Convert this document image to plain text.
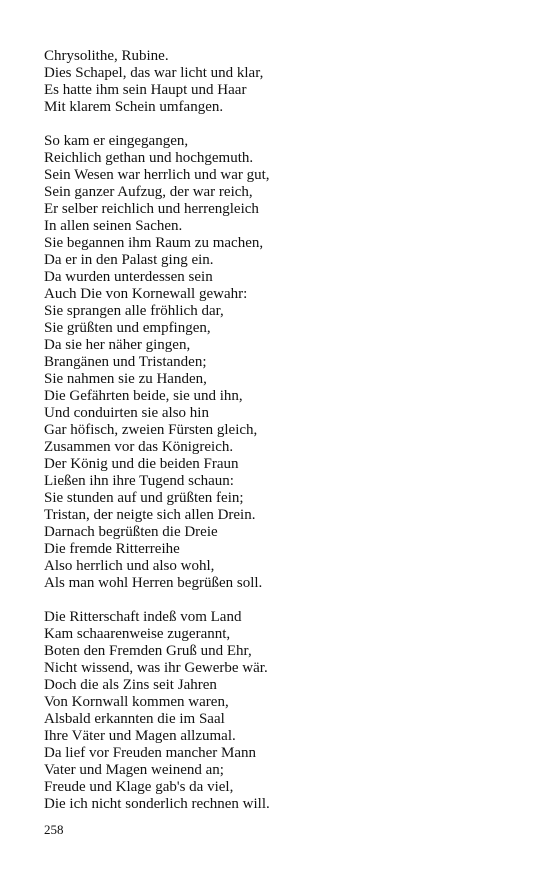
Chrysolithe, Rubine.
Dies Schapel, das war licht und klar,
Es hatte ihm sein Haupt und Haar
Mit klarem Schein umfangen.
So kam er eingegangen,
Reichlich gethan und hochgemuth.
Sein Wesen war herrlich und war gut,
Sein ganzer Aufzug, der war reich,
Er selber reichlich und herrengleich
In allen seinen Sachen.
Sie begannen ihm Raum zu machen,
Da er in den Palast ging ein.
Da wurden unterdessen sein
Auch Die von Kornewall gewahr:
Sie sprangen alle fröhlich dar,
Sie grüßten und empfingen,
Da sie her näher gingen,
Brangänen und Tristanden;
Sie nahmen sie zu Handen,
Die Gefährten beide, sie und ihn,
Und conduirten sie also hin
Gar höfisch, zweien Fürsten gleich,
Zusammen vor das Königreich.
Der König und die beiden Fraun
Ließen ihn ihre Tugend schaun:
Sie stunden auf und grüßten fein;
Tristan, der neigte sich allen Drein.
Darnach begrüßten die Dreie
Die fremde Ritterreihe
Also herrlich und also wohl,
Als man wohl Herren begrüßen soll.
Die Ritterschaft indeß vom Land
Kam schaarenweise zugerannt,
Boten den Fremden Gruß und Ehr,
Nicht wissend, was ihr Gewerbe wär.
Doch die als Zins seit Jahren
Von Kornwall kommen waren,
Alsbald erkannten die im Saal
Ihre Väter und Magen allzumal.
Da lief vor Freuden mancher Mann
Vater und Magen weinend an;
Freude und Klage gab's da viel,
Die ich nicht sonderlich rechnen will.
258
